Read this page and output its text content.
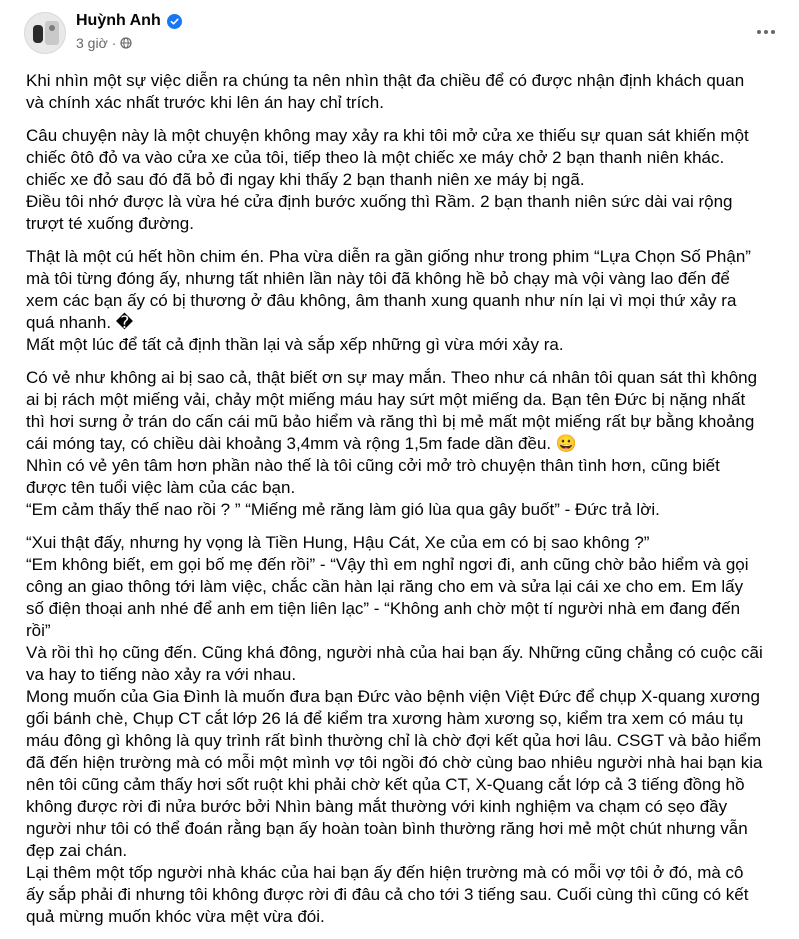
Huỳnh Anh
3 giờ ·

Khi nhìn một sự việc diễn ra chúng ta nên nhìn thật đa chiều để có được nhận định khách quan
và chính xác nhất trước khi lên án hay chỉ trích.

Câu chuyện này là một chuyện không may xảy ra khi tôi mở cửa xe thiếu sự quan sát khiến một
chiếc ôtô đỏ va vào cửa xe của tôi, tiếp theo là một chiếc xe máy chở 2 bạn thanh niên khác.
chiếc xe đỏ sau đó đã bỏ đi ngay khi thấy 2 bạn thanh niên xe máy bị ngã.
Điều tôi nhớ được là vừa hé cửa định bước xuống thì Rầm. 2 bạn thanh niên sức dài vai rộng
trượt té xuống đường.

Thật là một cú hết hồn chim én. Pha vừa diễn ra gần giống như trong phim “Lựa Chọn Số Phận”
mà tôi từng đóng ấy, nhưng tất nhiên lần này tôi đã không hề bỏ chạy mà vội vàng lao đến để
xem các bạn ấy có bị thương ở đâu không, âm thanh xung quanh như nín lại vì mọi thứ xảy ra
quá nhanh. �
Mất một lúc để tất cả định thần lại và sắp xếp những gì vừa mới xảy ra.

Có vẻ như không ai bị sao cả, thật biết ơn sự may mắn. Theo như cá nhân tôi quan sát thì không
ai bị rách một miếng vải, chảy một miếng máu hay sứt một miếng da. Bạn tên Đức bị nặng nhất
thì hơi sưng ở trán do cấn cái mũ bảo hiểm và răng thì bị mẻ mất một miếng rất bự bằng khoảng
cái móng tay, có chiều dài khoảng 3,4mm và rộng 1,5m fade dần đều. 😀
Nhìn có vẻ yên tâm hơn phần nào thế là tôi cũng cởi mở trò chuyện thân tình hơn, cũng biết
được tên tuổi việc làm của các bạn.
“Em cảm thấy thế nao rồi ? ” “Miếng mẻ răng làm gió lùa qua gây buốt” - Đức trả lời.

“Xui thật đấy, nhưng hy vọng là Tiền Hung, Hậu Cát, Xe của em có bị sao không ?”
“Em không biết, em gọi bố mẹ đến rồi” - “Vậy thì em nghỉ ngơi đi, anh cũng chờ bảo hiểm và gọi
công an giao thông tới làm việc, chắc cần hàn lại răng cho em và sửa lại cái xe cho em. Em lấy
số điện thoại anh nhé để anh em tiện liên lạc” - “Không anh chờ một tí người nhà em đang đến
rồi”
Và rồi thì họ cũng đến. Cũng khá đông, người nhà của hai bạn ấy. Những cũng chẳng có cuộc cãi
va hay to tiếng nào xảy ra với nhau.
Mong muốn của Gia Đình là muốn đưa bạn Đức vào bệnh viện Việt Đức để chụp X-quang xương
gối bánh chè, Chụp CT cắt lớp 26 lá để kiểm tra xương hàm xương sọ, kiểm tra xem có máu tụ
máu đông gì không là quy trình rất bình thường chỉ là chờ đợi kết qủa hơi lâu. CSGT và bảo hiểm
đã đến hiện trường mà có mỗi một mình vợ tôi ngồi đó chờ cùng bao nhiêu người nhà hai bạn kia
nên tôi cũng cảm thấy hơi sốt ruột khi phải chờ kết qủa CT, X-Quang cắt lớp cả 3 tiếng đồng hồ
không được rời đi nửa bước bởi Nhìn bàng mắt thường với kinh nghiệm va chạm có sẹo đầy
người như tôi có thể đoán rằng bạn ấy hoàn toàn bình thường răng hơi mẻ một chút nhưng vẫn
đẹp zai chán.
Lại thêm một tốp người nhà khác của hai bạn ấy đến hiện trường mà có mỗi vợ tôi ở đó, mà cô
ấy sắp phải đi nhưng tôi không được rời đi đâu cả cho tới 3 tiếng sau. Cuối cùng thì cũng có kết
quả mừng muốn khóc vừa mệt vừa đói.
